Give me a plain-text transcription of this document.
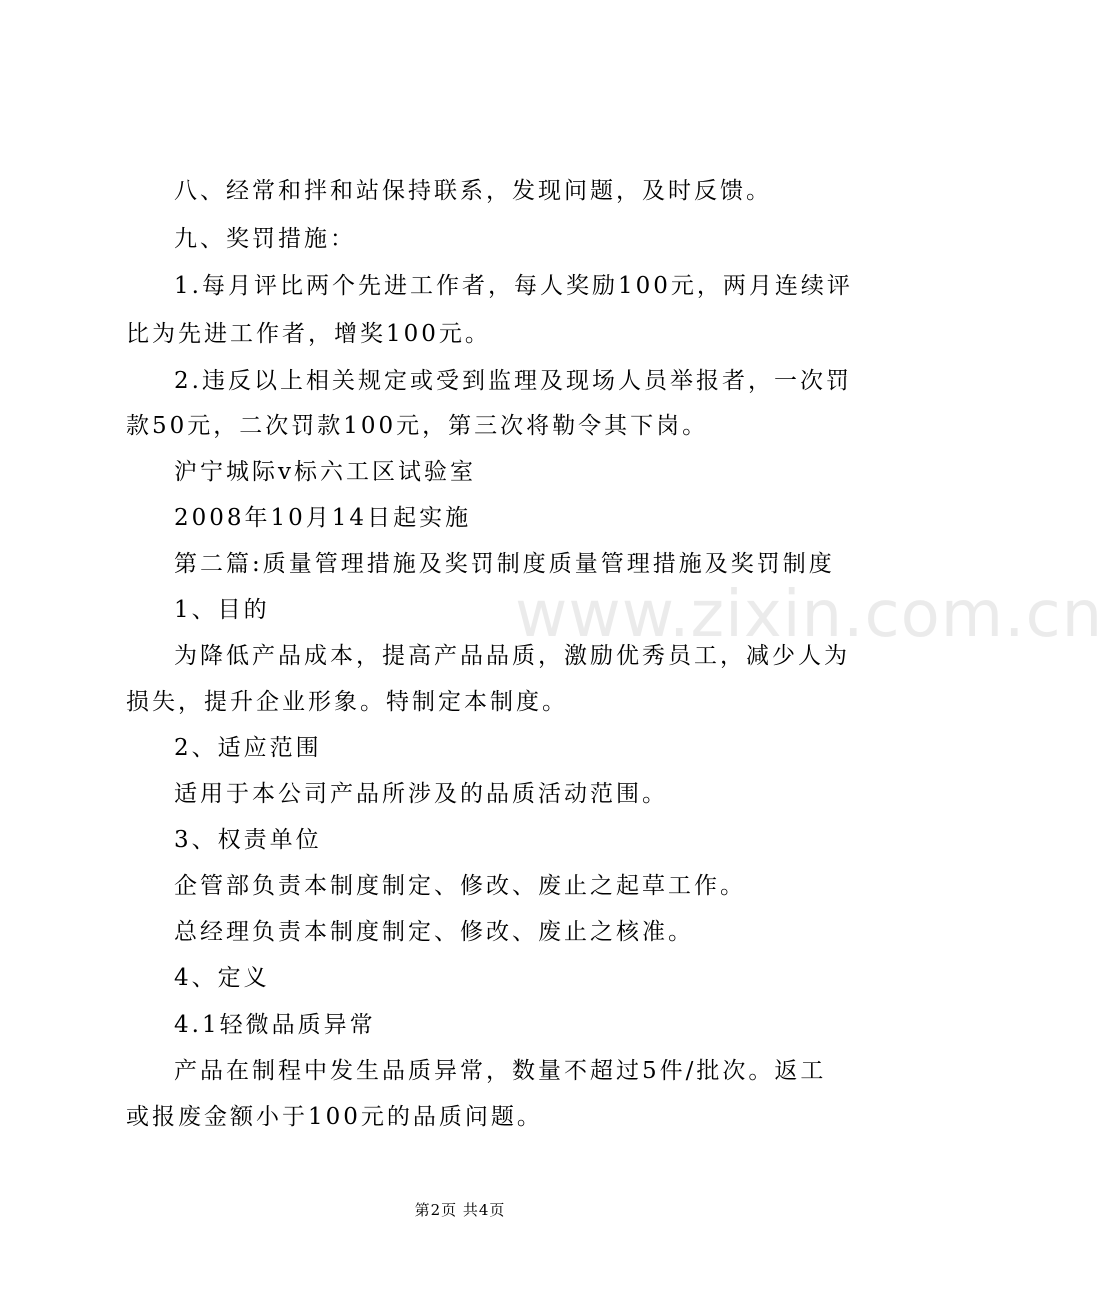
八、经常和拌和站保持联系，发现问题，及时反馈。
九、奖罚措施：
1.每月评比两个先进工作者，每人奖励100元，两月连续评
比为先进工作者，增奖100元。
2.违反以上相关规定或受到监理及现场人员举报者，一次罚
款50元，二次罚款100元，第三次将勒令其下岗。
沪宁城际v标六工区试验室
2008年10月14日起实施
第二篇:质量管理措施及奖罚制度质量管理措施及奖罚制度
1、目的
为降低产品成本，提高产品品质，激励优秀员工，减少人为
损失，提升企业形象。特制定本制度。
2、适应范围
适用于本公司产品所涉及的品质活动范围。
3、权责单位
企管部负责本制度制定、修改、废止之起草工作。
总经理负责本制度制定、修改、废止之核准。
4、定义
4.1轻微品质异常
产品在制程中发生品质异常，数量不超过5件/批次。返工
或报废金额小于100元的品质问题。
www.zixin.com.cn
第2页 共4页
